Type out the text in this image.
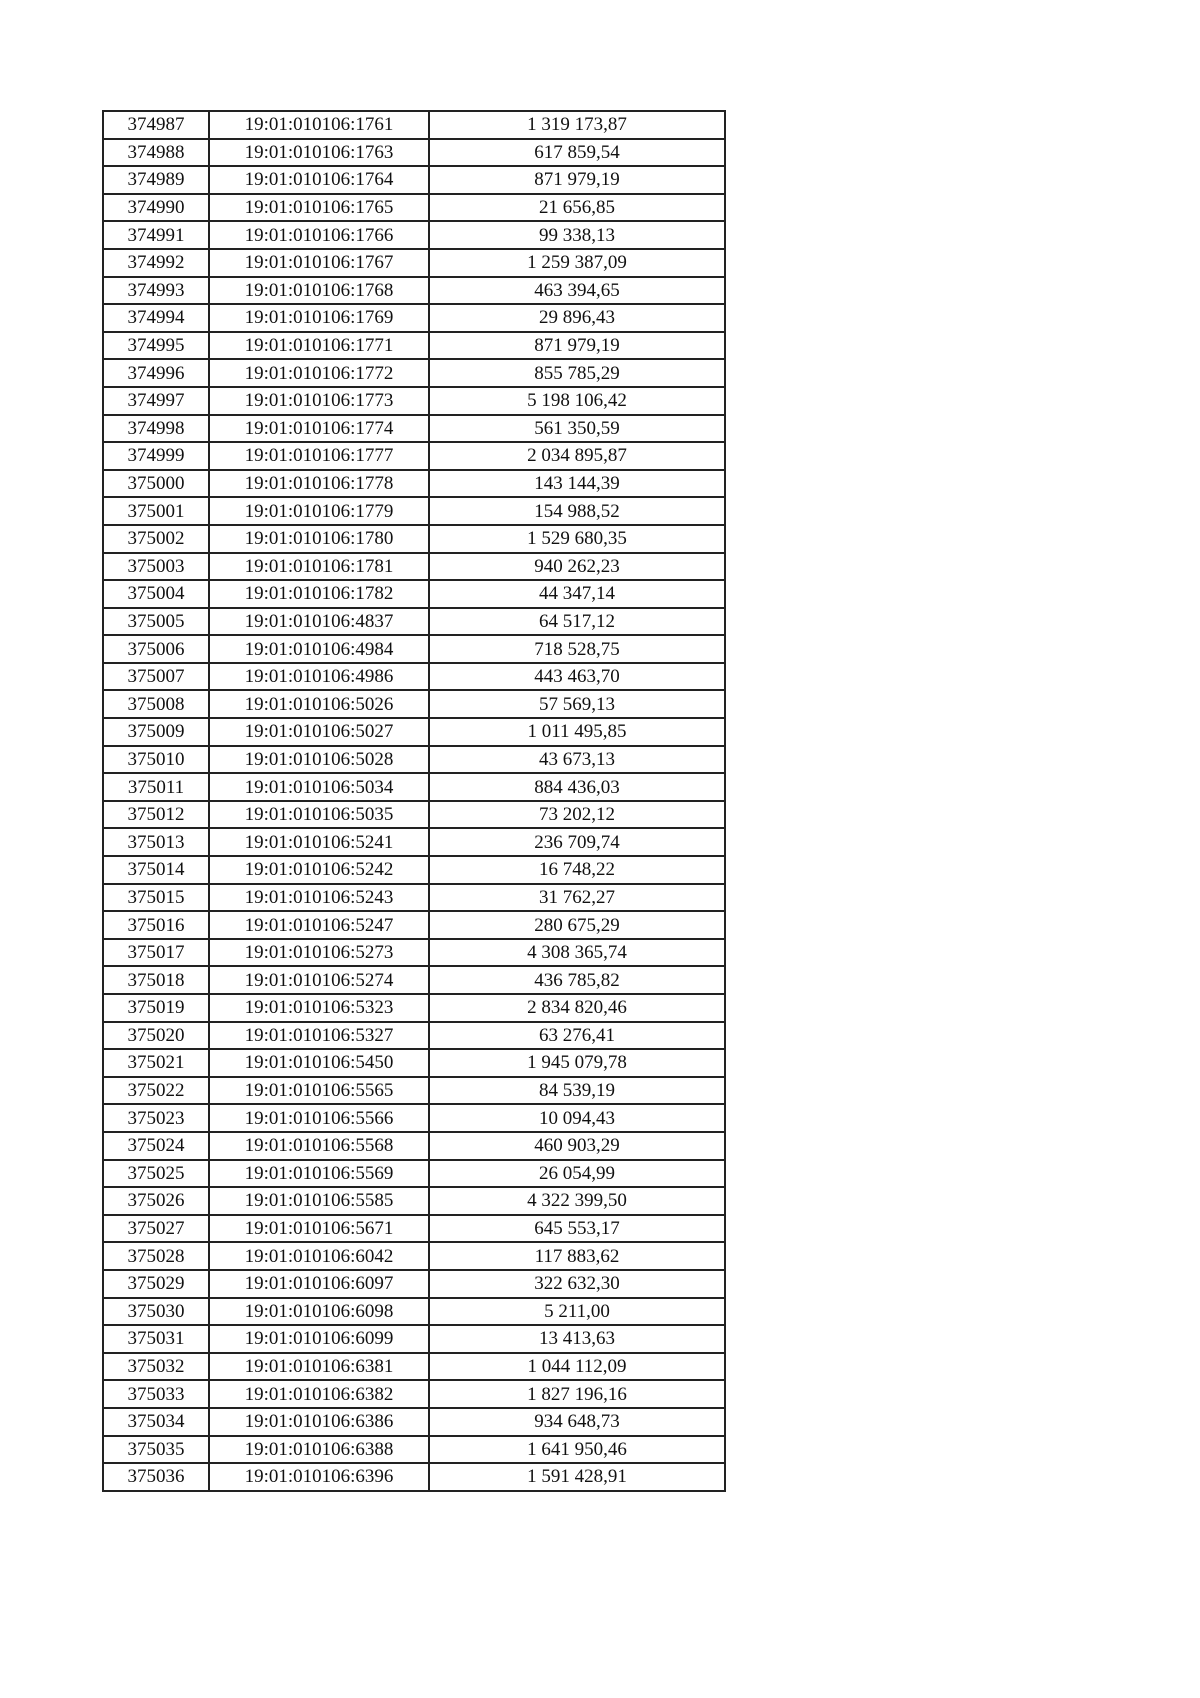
374987	19:01:010106:1761	1 319 173,87
374988	19:01:010106:1763	617 859,54
374989	19:01:010106:1764	871 979,19
374990	19:01:010106:1765	21 656,85
374991	19:01:010106:1766	99 338,13
374992	19:01:010106:1767	1 259 387,09
374993	19:01:010106:1768	463 394,65
374994	19:01:010106:1769	29 896,43
374995	19:01:010106:1771	871 979,19
374996	19:01:010106:1772	855 785,29
374997	19:01:010106:1773	5 198 106,42
374998	19:01:010106:1774	561 350,59
374999	19:01:010106:1777	2 034 895,87
375000	19:01:010106:1778	143 144,39
375001	19:01:010106:1779	154 988,52
375002	19:01:010106:1780	1 529 680,35
375003	19:01:010106:1781	940 262,23
375004	19:01:010106:1782	44 347,14
375005	19:01:010106:4837	64 517,12
375006	19:01:010106:4984	718 528,75
375007	19:01:010106:4986	443 463,70
375008	19:01:010106:5026	57 569,13
375009	19:01:010106:5027	1 011 495,85
375010	19:01:010106:5028	43 673,13
375011	19:01:010106:5034	884 436,03
375012	19:01:010106:5035	73 202,12
375013	19:01:010106:5241	236 709,74
375014	19:01:010106:5242	16 748,22
375015	19:01:010106:5243	31 762,27
375016	19:01:010106:5247	280 675,29
375017	19:01:010106:5273	4 308 365,74
375018	19:01:010106:5274	436 785,82
375019	19:01:010106:5323	2 834 820,46
375020	19:01:010106:5327	63 276,41
375021	19:01:010106:5450	1 945 079,78
375022	19:01:010106:5565	84 539,19
375023	19:01:010106:5566	10 094,43
375024	19:01:010106:5568	460 903,29
375025	19:01:010106:5569	26 054,99
375026	19:01:010106:5585	4 322 399,50
375027	19:01:010106:5671	645 553,17
375028	19:01:010106:6042	117 883,62
375029	19:01:010106:6097	322 632,30
375030	19:01:010106:6098	5 211,00
375031	19:01:010106:6099	13 413,63
375032	19:01:010106:6381	1 044 112,09
375033	19:01:010106:6382	1 827 196,16
375034	19:01:010106:6386	934 648,73
375035	19:01:010106:6388	1 641 950,46
375036	19:01:010106:6396	1 591 428,91
